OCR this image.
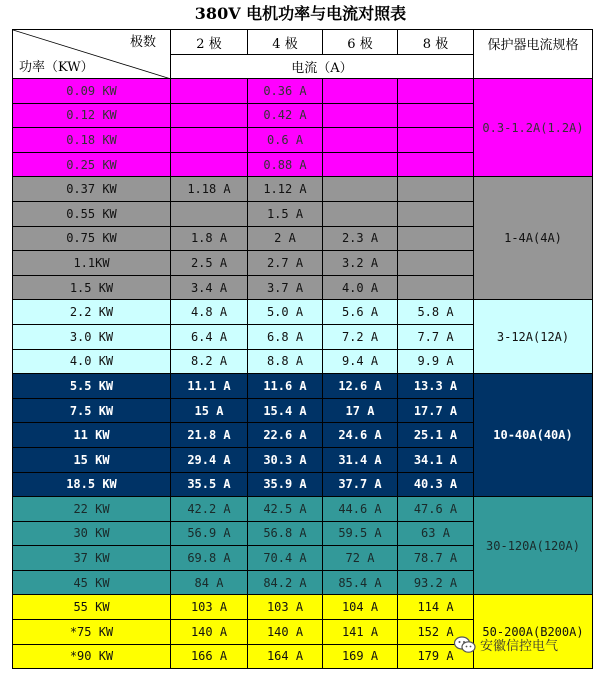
380V 电机功率与电流对照表
极数
功率（KW）	2 极	4 极	6 极	8 极	保护器电流规格
	电流（A）				
0.09 KW		0.36 A			0.3-1.2A(1.2A)
0.12 KW		0.42 A			
0.18 KW		0.6 A			
0.25 KW		0.88 A			
0.37 KW	1.18 A	1.12 A			1-4A(4A)
0.55 KW		1.5 A			
0.75 KW	1.8 A	2 A	2.3 A		
1.1KW	2.5 A	2.7 A	3.2 A		
1.5 KW	3.4 A	3.7 A	4.0 A		
2.2 KW	4.8 A	5.0 A	5.6 A	5.8 A	3-12A(12A)
3.0 KW	6.4 A	6.8 A	7.2 A	7.7 A	
4.0 KW	8.2 A	8.8 A	9.4 A	9.9 A	
5.5 KW	11.1 A	11.6 A	12.6 A	13.3 A	10-40A(40A)
7.5 KW	15 A	15.4 A	17 A	17.7 A	
11 KW	21.8 A	22.6 A	24.6 A	25.1 A	
15 KW	29.4 A	30.3 A	31.4 A	34.1 A	
18.5 KW	35.5 A	35.9 A	37.7 A	40.3 A	
22 KW	42.2 A	42.5 A	44.6 A	47.6 A	30-120A(120A)
30 KW	56.9 A	56.8 A	59.5 A	63 A	
37 KW	69.8 A	70.4 A	72 A	78.7 A	
45 KW	84 A	84.2 A	85.4 A	93.2 A	
55 KW	103 A	103 A	104 A	114 A	50-200A(B200A)
*75 KW	140 A	140 A	141 A	152 A	
*90 KW	166 A	164 A	169 A	179 A	
安徽信控电气
